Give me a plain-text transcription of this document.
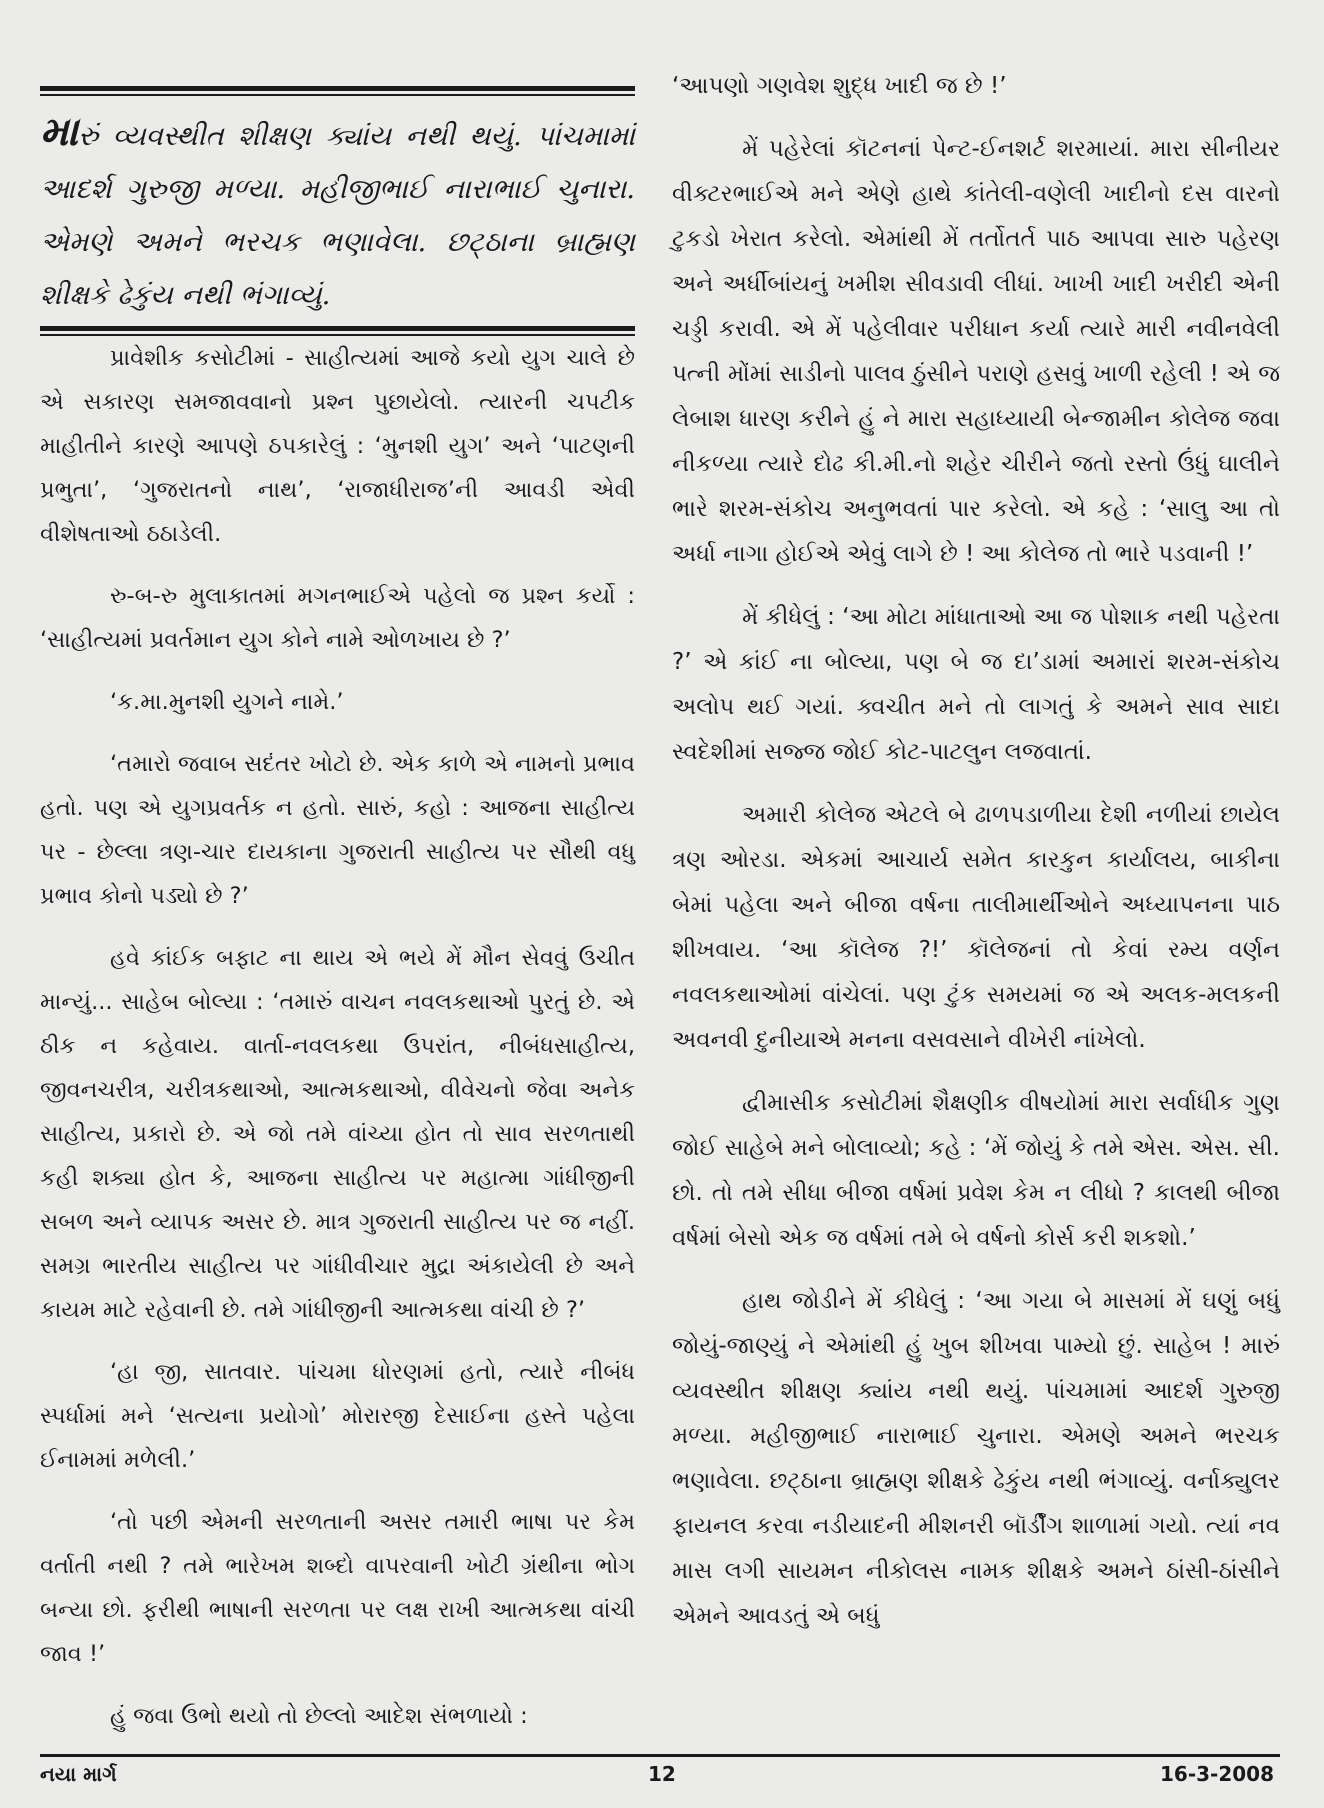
મારું વ્યવસ્થીત શીક્ષણ ક્યાંય નથી થયું. પાંચમામાં આદર્શ ગુરુજી મળ્યા. મહીજીભાઈ નારાભાઈ ચુનારા. એમણે અમને ભરચક ભણાવેલા. છટ્ઠાના બ્રાહ્મણ શીક્ષકે ઢેકુંય નથી ભંગાવ્યું.

પ્રાવેશીક કસોટીમાં - સાહીત્યમાં આજે કયો યુગ ચાલે છે એ સકારણ સમજાવવાનો પ્રશ્ન પુછાયેલો. ત્યારની ચપટીક માહીતીને કારણે આપણે ઠપકારેલું : ‘મુનશી યુગ’ અને ‘પાટણની પ્રભુતા’, ‘ગુજરાતનો નાથ’, ‘રાજાધીરાજ’ની આવડી એવી વીશેષતાઓ ઠઠાડેલી.

રુ-બ-રુ મુલાકાતમાં મગનભાઈએ પહેલો જ પ્રશ્ન કર્યો : ‘સાહીત્યમાં પ્રવર્તમાન યુગ કોને નામે ઓળખાય છે ?’

‘ક.મા.મુનશી યુગને નામે.’

‘તમારો જવાબ સદંતર ખોટો છે. એક કાળે એ નામનો પ્રભાવ હતો. પણ એ યુગપ્રવર્તક ન હતો. સારું, કહો : આજના સાહીત્ય પર - છેલ્લા ત્રણ-ચાર દાયકાના ગુજરાતી સાહીત્ય પર સૌથી વધુ પ્રભાવ કોનો પડ્યો છે ?’

હવે કાંઈક બફાટ ના થાય એ ભયે મેં મૌન સેવવું ઉચીત માન્યું... સાહેબ બોલ્યા : ‘તમારું વાચન નવલકથાઓ પુરતું છે. એ ઠીક ન કહેવાય. વાર્તા-નવલકથા ઉપરાંત, નીબંધસાહીત્ય, જીવનચરીત્ર, ચરીત્રકથાઓ, આત્મકથાઓ, વીવેચનો જેવા અનેક સાહીત્ય, પ્રકારો છે. એ જો તમે વાંચ્યા હોત તો સાવ સરળતાથી કહી શક્યા હોત કે, આજના સાહીત્ય પર મહાત્મા ગાંધીજીની સબળ અને વ્યાપક અસર છે. માત્ર ગુજરાતી સાહીત્ય પર જ નહીં. સમગ્ર ભારતીય સાહીત્ય પર ગાંધીવીચાર મુદ્રા અંકાયેલી છે અને કાયમ માટે રહેવાની છે. તમે ગાંધીજીની આત્મકથા વાંચી છે ?’

‘હા જી, સાતવાર. પાંચમા ધોરણમાં હતો, ત્યારે નીબંધ સ્પર્ધામાં મને ‘સત્યના પ્રયોગો’ મોરારજી દેસાઈના હસ્તે પહેલા ઈનામમાં મળેલી.’

‘તો પછી એમની સરળતાની અસર તમારી ભાષા પર કેમ વર્તાતી નથી ? તમે ભારેખમ શબ્દો વાપરવાની ખોટી ગ્રંથીના ભોગ બન્યા છો. ફરીથી ભાષાની સરળતા પર લક્ષ રાખી આત્મકથા વાંચી જાવ !’

હું જવા ઉભો થયો તો છેલ્લો આદેશ સંભળાયો :

‘આપણો ગણવેશ શુદ્ધ ખાદી જ છે !’

મેં પહેરેલાં કૉટનનાં પેન્ટ-ઈનશર્ટ શરમાયાં. મારા સીનીયર વીક્ટરભાઈએ મને એણે હાથે કાંતેલી-વણેલી ખાદીનો દસ વારનો ટુકડો ખેરાત કરેલો. એમાંથી મેં તર્તોતર્ત પાઠ આપવા સારુ પહેરણ અને અર્ધીબાંયનું ખમીશ સીવડાવી લીધાં. ખાખી ખાદી ખરીદી એની ચડ્ડી કરાવી. એ મેં પહેલીવાર પરીધાન કર્યા ત્યારે મારી નવીનવેલી પત્ની મોંમાં સાડીનો પાલવ ઠુંસીને પરાણે હસવું ખાળી રહેલી ! એ જ લેબાશ ધારણ કરીને હું ને મારા સહાધ્યાયી બેન્જામીન કોલેજ જવા નીકળ્યા ત્યારે દોઢ કી.મી.નો શહેર ચીરીને જતો રસ્તો ઉંધું ઘાલીને ભારે શરમ-સંકોચ અનુભવતાં પાર કરેલો. એ કહે : ‘સાલુ આ તો અર્ધા નાગા હોઈએ એવું લાગે છે ! આ કોલેજ તો ભારે પડવાની !’

મેં કીધેલું : ‘આ મોટા માંધાતાઓ આ જ પોશાક નથી પહેરતા ?’ એ કાંઈ ના બોલ્યા, પણ બે જ દા’ડામાં અમારાં શરમ-સંકોચ અલોપ થઈ ગયાં. ક્વચીત મને તો લાગતું કે અમને સાવ સાદા સ્વદેશીમાં સજ્જ જોઈ કોટ-પાટલુન લજવાતાં.

અમારી કોલેજ એટલે બે ઢાળપડાળીયા દેશી નળીયાં છાયેલ ત્રણ ઓરડા. એકમાં આચાર્ય સમેત કારકુન કાર્યાલય, બાકીના બેમાં પહેલા અને બીજા વર્ષના તાલીમાર્થીઓને અધ્યાપનના પાઠ શીખવાય. ‘આ કૉલેજ ?!’ કૉલેજનાં તો કેવાં રમ્ય વર્ણન નવલકથાઓમાં વાંચેલાં. પણ ટુંક સમયમાં જ એ અલક-મલકની અવનવી દુનીયાએ મનના વસવસાને વીખેરી નાંખેલો.

દ્વીમાસીક કસોટીમાં શૈક્ષણીક વીષયોમાં મારા સર્વાધીક ગુણ જોઈ સાહેબે મને બોલાવ્યો; કહે : ‘મેં જોયું કે તમે એસ. એસ. સી. છો. તો તમે સીધા બીજા વર્ષમાં પ્રવેશ કેમ ન લીધો ? કાલથી બીજા વર્ષમાં બેસો એક જ વર્ષમાં તમે બે વર્ષનો કોર્સ કરી શકશો.’

હાથ જોડીને મેં કીધેલું : ‘આ ગયા બે માસમાં મેં ઘણું બધું જોયું-જાણ્યું ને એમાંથી હું ખુબ શીખવા પામ્યો છું. સાહેબ ! મારું વ્યવસ્થીત શીક્ષણ ક્યાંય નથી થયું. પાંચમામાં આદર્શ ગુરુજી મળ્યા. મહીજીભાઈ નારાભાઈ ચુનારા. એમણે અમને ભરચક ભણાવેલા. છટ્ઠાના બ્રાહ્મણ શીક્ષકે ઢેકુંય નથી ભંગાવ્યું. વર્નાક્યુલર ફાયનલ કરવા નડીયાદની મીશનરી બૉર્ડીંગ શાળામાં ગયો. ત્યાં નવ માસ લગી સાયમન નીકોલસ નામક શીક્ષકે અમને ઠાંસી-ઠાંસીને એમને આવડતું એ બધું

નયા માર્ગ	12	16-3-2008
